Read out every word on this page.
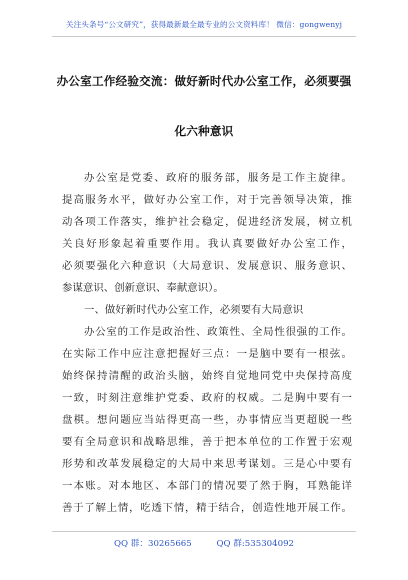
关注头条号“公文研究”，获得最新最全最专业的公文资料库！ 微信：gongwenyj
办公室工作经验交流：做好新时代办公室工作，必须要强
化六种意识
办公室是党委、政府的服务部，服务是工作主旋律。
提高服务水平，做好办公室工作，对于完善领导决策，推
动各项工作落实，维护社会稳定，促进经济发展，树立机
关良好形象起着重要作用。我认真要做好办公室工作，
必须要强化六种意识（大局意识、发展意识、服务意识、
参谋意识、创新意识、奉献意识）。
一、做好新时代办公室工作，必须要有大局意识
办公室的工作是政治性、政策性、全局性很强的工作。
在实际工作中应注意把握好三点：一是脑中要有一根弦。
始终保持清醒的政治头脑，始终自觉地同党中央保持高度
一致，时刻注意维护党委、政府的权威。二是胸中要有一
盘棋。想问题应当站得更高一些，办事情应当更超脱一些
要有全局意识和战略思维，善于把本单位的工作置于宏观
形势和改革发展稳定的大局中来思考谋划。三是心中要有
一本账。对本地区、本部门的情况要了然于胸，耳熟能详
善于了解上情，吃透下情，精于结合，创造性地开展工作。
QQ 群：30265665	QQ 群:535304092
